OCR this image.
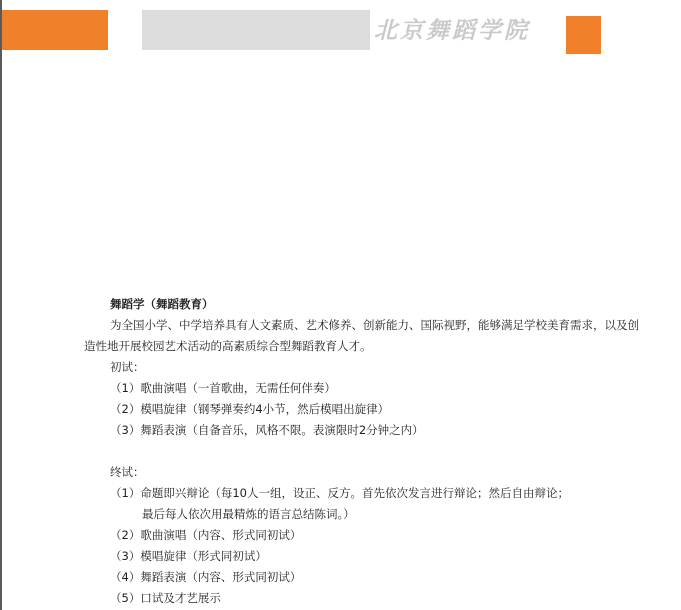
北京舞蹈学院
舞蹈学（舞蹈教育）

为全国小学、中学培养具有人文素质、艺术修养、创新能力、国际视野，能够满足学校美育需求，以及创造性地开展校园艺术活动的高素质综合型舞蹈教育人才。

初试：
（1）歌曲演唱（一首歌曲，无需任何伴奏）
（2）模唱旋律（钢琴弹奏约4小节，然后模唱出旋律）
（3）舞蹈表演（自备音乐，风格不限。表演限时2分钟之内）
终试：
（1）命题即兴辩论（每10人一组，设正、反方。首先依次发言进行辩论；然后自由辩论；
最后每人依次用最精炼的语言总结陈词。）
（2）歌曲演唱（内容、形式同初试）
（3）模唱旋律（形式同初试）
（4）舞蹈表演（内容、形式同初试）
（5）口试及才艺展示
